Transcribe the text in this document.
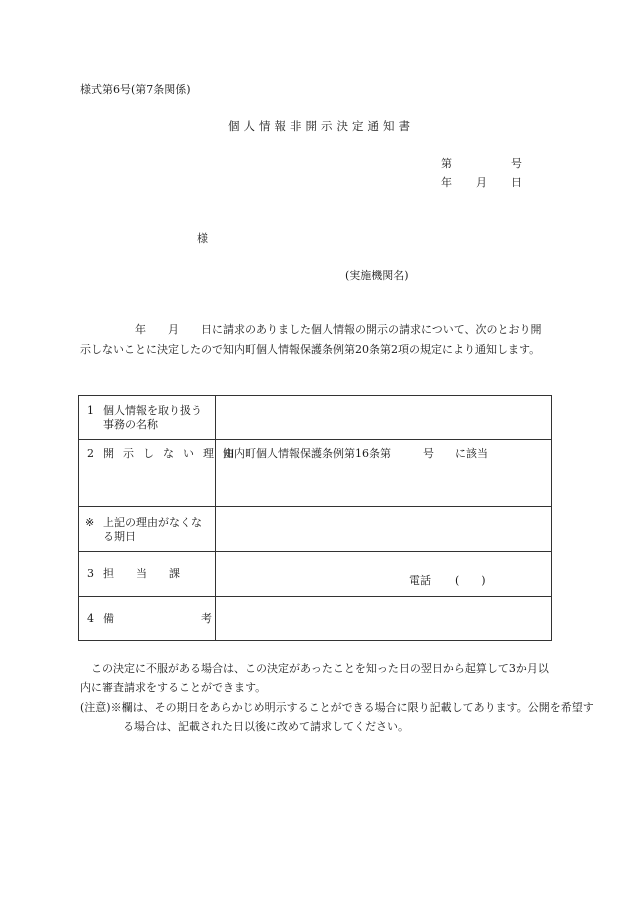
様式第6号(第7条関係)
個人情報非開示決定通知書
第	号
年 月 日
様
(実施機関名)
年　　月　　日に請求のありました個人情報の開示の請求について、次のとおり開示しないことに決定したので知内町個人情報保護条例第20条第2項の規定により通知します。
1 個人情報を取り扱う
事務の名称	

2 開示しない理由	知内町個人情報保護条例第16条第 号 に該当

※ 上記の理由がなくな
る期日	

3 担　　当　　課	電話 (　　)

4 備 考	

この決定に不服がある場合は、この決定があったことを知った日の翌日から起算して3か月以内に審査請求をすることができます。
(注意)※欄は、その期日をあらかじめ明示することができる場合に限り記載してあります。公開を希望する場合は、記載された日以後に改めて請求してください。
